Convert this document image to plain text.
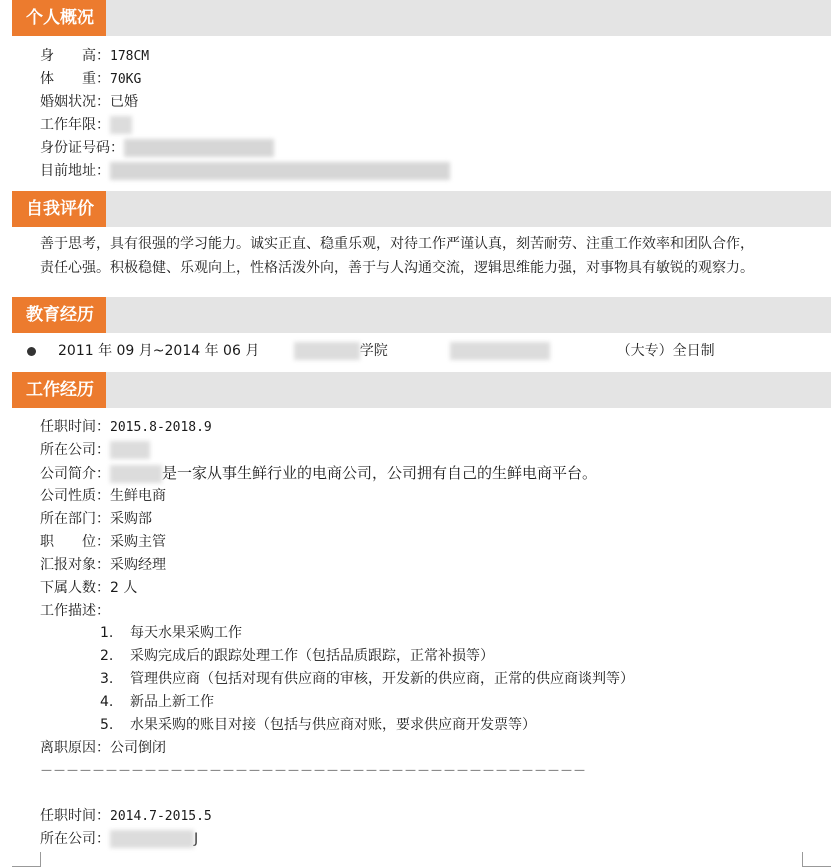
个人概况
身　　高：178CM
体　　重：70KG
婚姻状况：已婚
工作年限：
身份证号码：
目前地址：
自我评价
善于思考，具有很强的学习能力。诚实正直、稳重乐观，对待工作严谨认真，刻苦耐劳、注重工作效率和团队合作，
责任心强。积极稳健、乐观向上，性格活泼外向，善于与人沟通交流，逻辑思维能力强，对事物具有敏锐的观察力。
教育经历
2011 年 09 月~2014 年 06 月	学院	（大专）全日制
工作经历
任职时间：2015.8-2018.9
所在公司：
公司简介：	是一家从事生鲜行业的电商公司，公司拥有自己的生鲜电商平台。
公司性质：生鲜电商
所在部门：采购部
职　　位：采购主管
汇报对象：采购经理
下属人数：2 人
工作描述：
1. 每天水果采购工作
2. 采购完成后的跟踪处理工作（包括品质跟踪，正常补损等）
3. 管理供应商（包括对现有供应商的审核，开发新的供应商，正常的供应商谈判等）
4. 新品上新工作
5. 水果采购的账目对接（包括与供应商对账，要求供应商开发票等）
离职原因：公司倒闭
－－－－－－－－－－－－－－－－－－－－－－－－－－－－－－－－－－－－－－－－－－
任职时间：2014.7-2015.5
所在公司：	J
